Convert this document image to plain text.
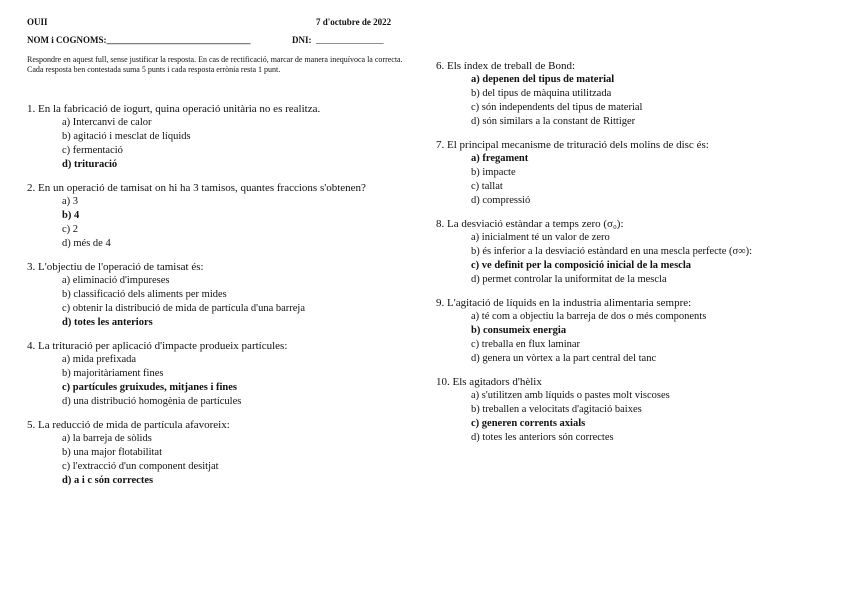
OUII	7 d'octubre de 2022
NOM i COGNOMS:________________________________	DNI: _______________
Respondre en aquest full, sense justificar la resposta. En cas de rectificació, marcar de manera inequívoca la correcta. Cada resposta ben contestada suma 5 punts i cada resposta errònia resta 1 punt.
1. En la fabricació de iogurt, quina operació unitària no es realitza.
a) Intercanvi de calor
b) agitació i mesclat de líquids
c) fermentació
d) trituració
2. En un operació de tamisat on hi ha 3 tamisos, quantes fraccions s'obtenen?
a) 3
b) 4
c) 2
d) més de 4
3. L'objectiu de l'operació de tamisat és:
a) eliminació d'impureses
b) classificació dels aliments per mides
c) obtenir la distribució de mida de partícula d'una barreja
d) totes les anteriors
4. La trituració per aplicació d'impacte produeix partícules:
a) mida prefixada
b) majoritàriament fines
c) partícules gruixudes, mitjanes i fines
d) una distribució homogènia de partícules
5. La reducció de mida de partícula afavoreix:
a) la barreja de sòlids
b) una major flotabilitat
c) l'extracció d'un component desitjat
d) a i c són correctes
6. Els índex de treball de Bond:
a) depenen del tipus de material
b) del tipus de màquina utilitzada
c) són independents del tipus de material
d) són similars a la constant de Rittiger
7. El principal mecanisme de trituració dels molins de disc és:
a) fregament
b) impacte
c) tallat
d) compressió
8. La desviació estàndar a temps zero (σ₀):
a) inicialment té un valor de zero
b) és inferior a la desviació estàndard en una mescla perfecte (σ∞):
c) ve definit per la composició inicial de la mescla
d) permet controlar la uniformitat de la mescla
9. L'agitació de líquids en la industria alimentaria sempre:
a) té com a objectiu la barreja de dos o més components
b) consumeix energia
c) treballa en flux laminar
d) genera un vòrtex a la part central del tanc
10. Els agitadors d'hèlix
a) s'utilitzen amb líquids o pastes molt viscoses
b) treballen a velocitats d'agitació baixes
c) generen corrents axials
d) totes les anteriors són correctes
